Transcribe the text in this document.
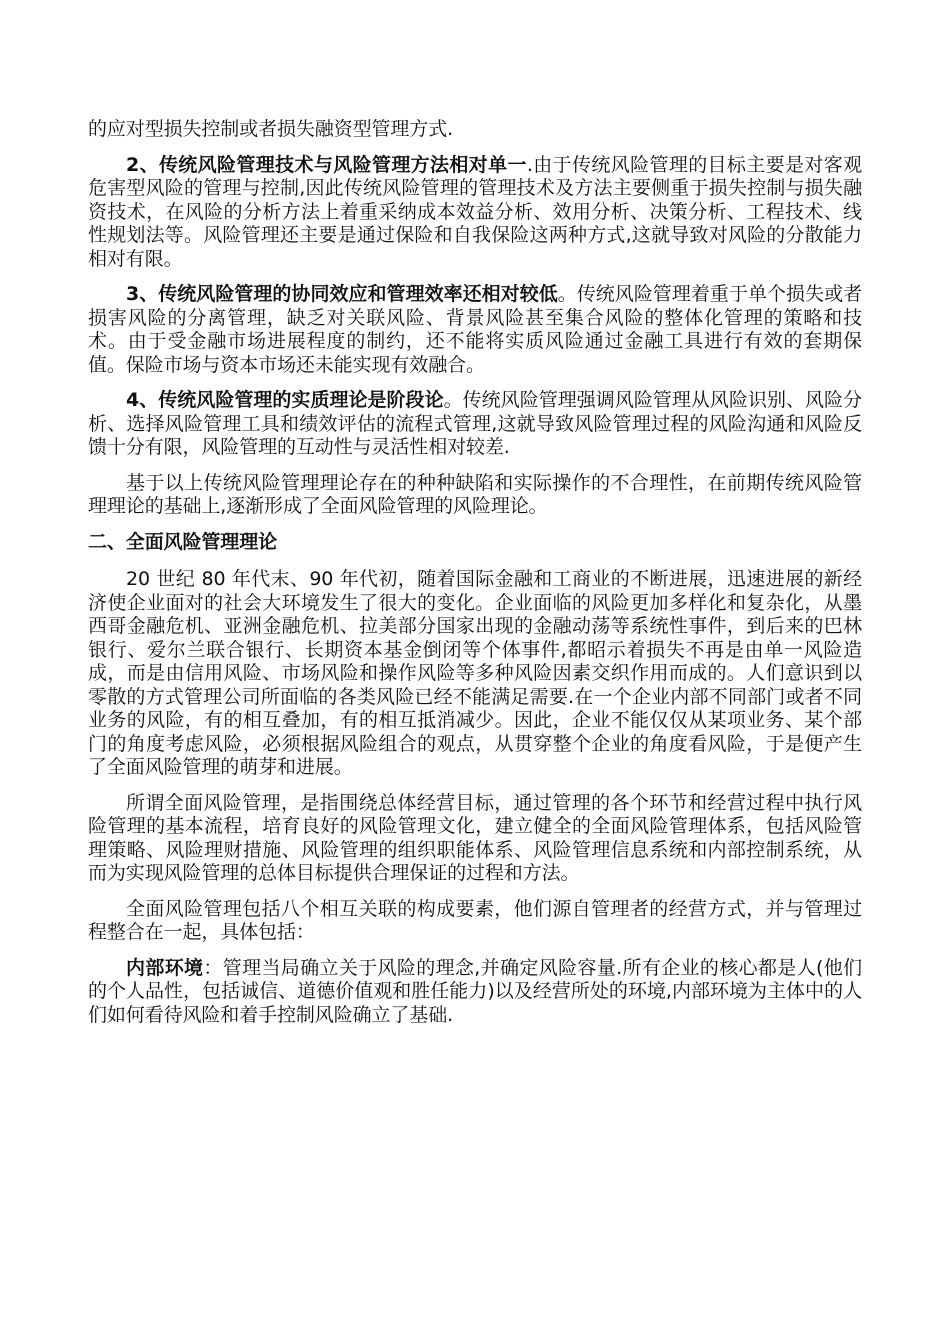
的应对型损失控制或者损失融资型管理方式.

2、传统风险管理技术与风险管理方法相对单一.由于传统风险管理的目标主要是对客观危害型风险的管理与控制,因此传统风险管理的管理技术及方法主要侧重于损失控制与损失融资技术，在风险的分析方法上着重采纳成本效益分析、效用分析、决策分析、工程技术、线性规划法等。风险管理还主要是通过保险和自我保险这两种方式,这就导致对风险的分散能力相对有限。

3、传统风险管理的协同效应和管理效率还相对较低。传统风险管理着重于单个损失或者损害风险的分离管理，缺乏对关联风险、背景风险甚至集合风险的整体化管理的策略和技术。由于受金融市场进展程度的制约，还不能将实质风险通过金融工具进行有效的套期保值。保险市场与资本市场还未能实现有效融合。

4、传统风险管理的实质理论是阶段论。传统风险管理强调风险管理从风险识别、风险分析、选择风险管理工具和绩效评估的流程式管理,这就导致风险管理过程的风险沟通和风险反馈十分有限，风险管理的互动性与灵活性相对较差.

基于以上传统风险管理理论存在的种种缺陷和实际操作的不合理性，在前期传统风险管理理论的基础上,逐渐形成了全面风险管理的风险理论。

二、全面风险管理理论

20 世纪 80 年代末、90 年代初，随着国际金融和工商业的不断进展，迅速进展的新经济使企业面对的社会大环境发生了很大的变化。企业面临的风险更加多样化和复杂化，从墨西哥金融危机、亚洲金融危机、拉美部分国家出现的金融动荡等系统性事件，到后来的巴林银行、爱尔兰联合银行、长期资本基金倒闭等个体事件,都昭示着损失不再是由单一风险造成，而是由信用风险、市场风险和操作风险等多种风险因素交织作用而成的。人们意识到以零散的方式管理公司所面临的各类风险已经不能满足需要.在一个企业内部不同部门或者不同业务的风险，有的相互叠加，有的相互抵消减少。因此，企业不能仅仅从某项业务、某个部门的角度考虑风险，必须根据风险组合的观点，从贯穿整个企业的角度看风险，于是便产生了全面风险管理的萌芽和进展。

所谓全面风险管理，是指围绕总体经营目标，通过管理的各个环节和经营过程中执行风险管理的基本流程，培育良好的风险管理文化，建立健全的全面风险管理体系，包括风险管理策略、风险理财措施、风险管理的组织职能体系、风险管理信息系统和内部控制系统，从而为实现风险管理的总体目标提供合理保证的过程和方法。

全面风险管理包括八个相互关联的构成要素，他们源自管理者的经营方式，并与管理过程整合在一起，具体包括：

内部环境：管理当局确立关于风险的理念,并确定风险容量.所有企业的核心都是人(他们的个人品性，包括诚信、道德价值观和胜任能力)以及经营所处的环境,内部环境为主体中的人们如何看待风险和着手控制风险确立了基础.
